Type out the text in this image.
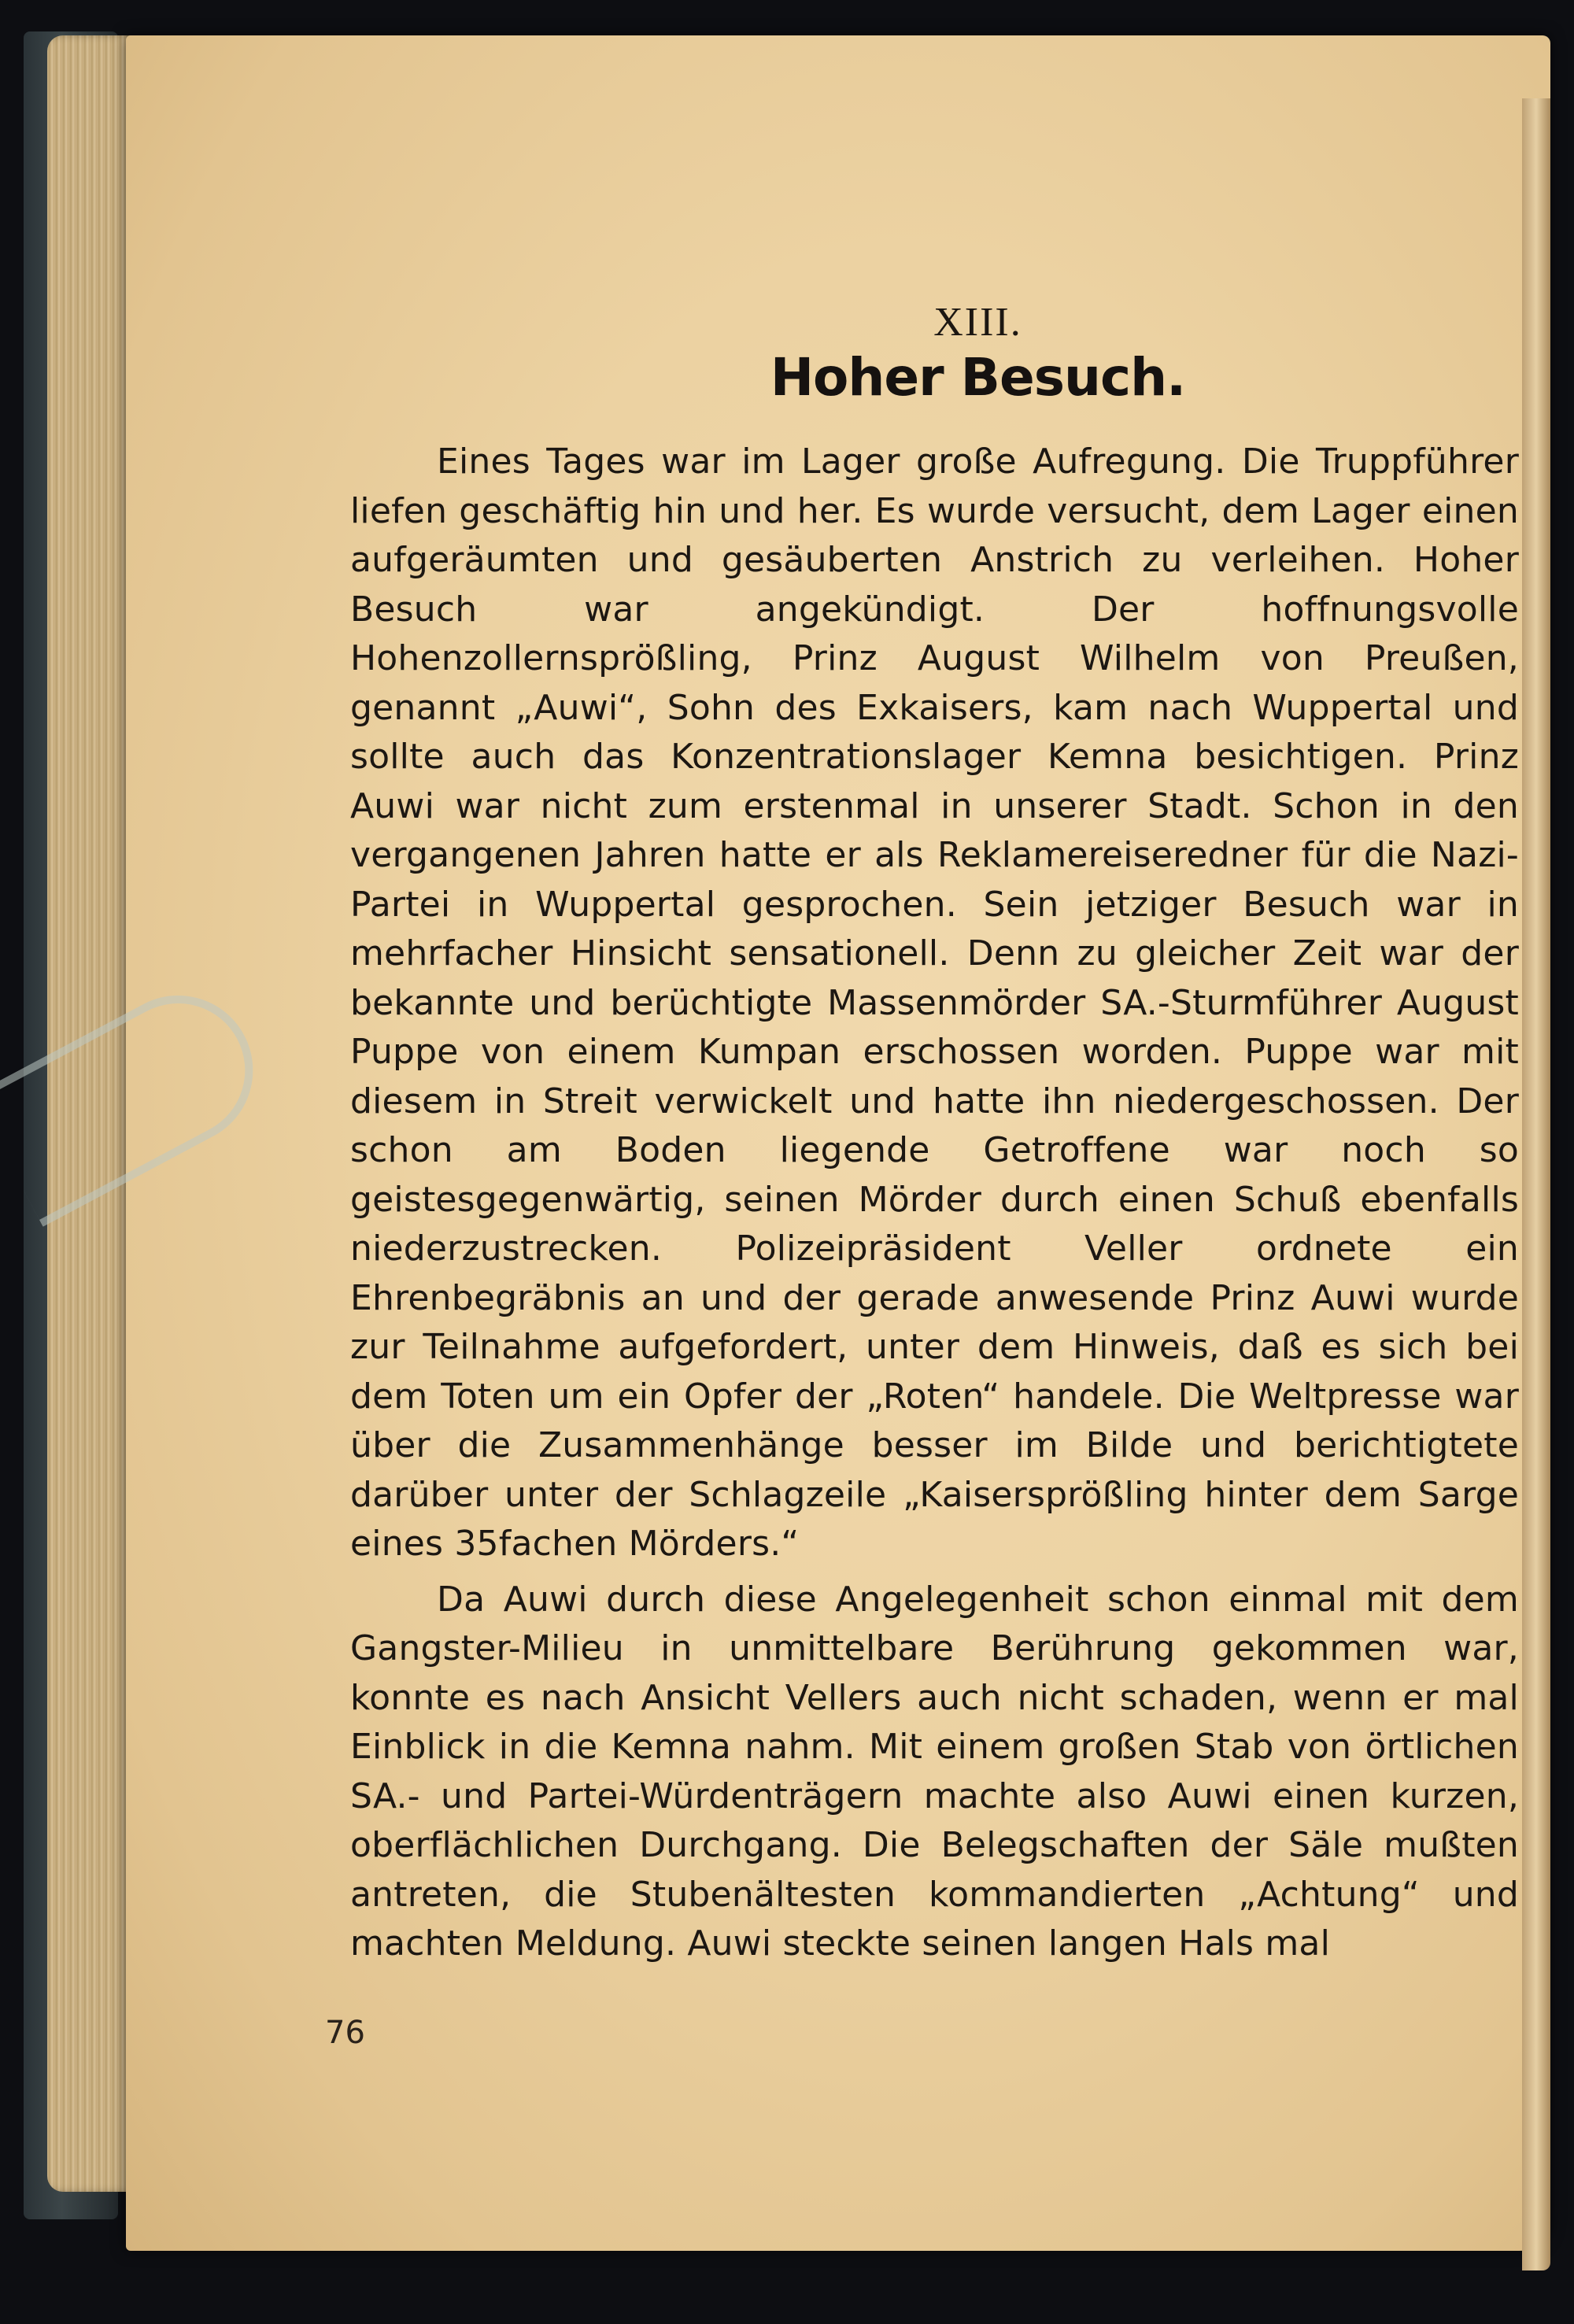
XIII.
Hoher Besuch.

Eines Tages war im Lager große Aufregung. Die Truppführer liefen geschäftig hin und her. Es wurde versucht, dem Lager einen aufgeräumten und gesäuberten Anstrich zu verleihen. Hoher Besuch war angekündigt. Der hoffnungsvolle Hohenzollernsprößling, Prinz August Wilhelm von Preußen, genannt „Auwi“, Sohn des Exkaisers, kam nach Wuppertal und sollte auch das Konzentrationslager Kemna besichtigen. Prinz Auwi war nicht zum erstenmal in unserer Stadt. Schon in den vergangenen Jahren hatte er als Reklamereiseredner für die Nazi-Partei in Wuppertal gesprochen. Sein jetziger Besuch war in mehrfacher Hinsicht sensationell. Denn zu gleicher Zeit war der bekannte und berüchtigte Massenmörder SA.-Sturmführer August Puppe von einem Kumpan erschossen worden. Puppe war mit diesem in Streit verwickelt und hatte ihn niedergeschossen. Der schon am Boden liegende Getroffene war noch so geistesgegenwärtig, seinen Mörder durch einen Schuß ebenfalls niederzustrecken. Polizeipräsident Veller ordnete ein Ehrenbegräbnis an und der gerade anwesende Prinz Auwi wurde zur Teilnahme aufgefordert, unter dem Hinweis, daß es sich bei dem Toten um ein Opfer der „Roten“ handele. Die Weltpresse war über die Zusammenhänge besser im Bilde und berichtigtete darüber unter der Schlagzeile „Kaisersprößling hinter dem Sarge eines 35fachen Mörders.“

Da Auwi durch diese Angelegenheit schon einmal mit dem Gangster-Milieu in unmittelbare Berührung gekommen war, konnte es nach Ansicht Vellers auch nicht schaden, wenn er mal Einblick in die Kemna nahm. Mit einem großen Stab von örtlichen SA.- und Partei-Würdenträgern machte also Auwi einen kurzen, oberflächlichen Durchgang. Die Belegschaften der Säle mußten antreten, die Stubenältesten kommandierten „Achtung“ und machten Meldung. Auwi steckte seinen langen Hals mal

76
